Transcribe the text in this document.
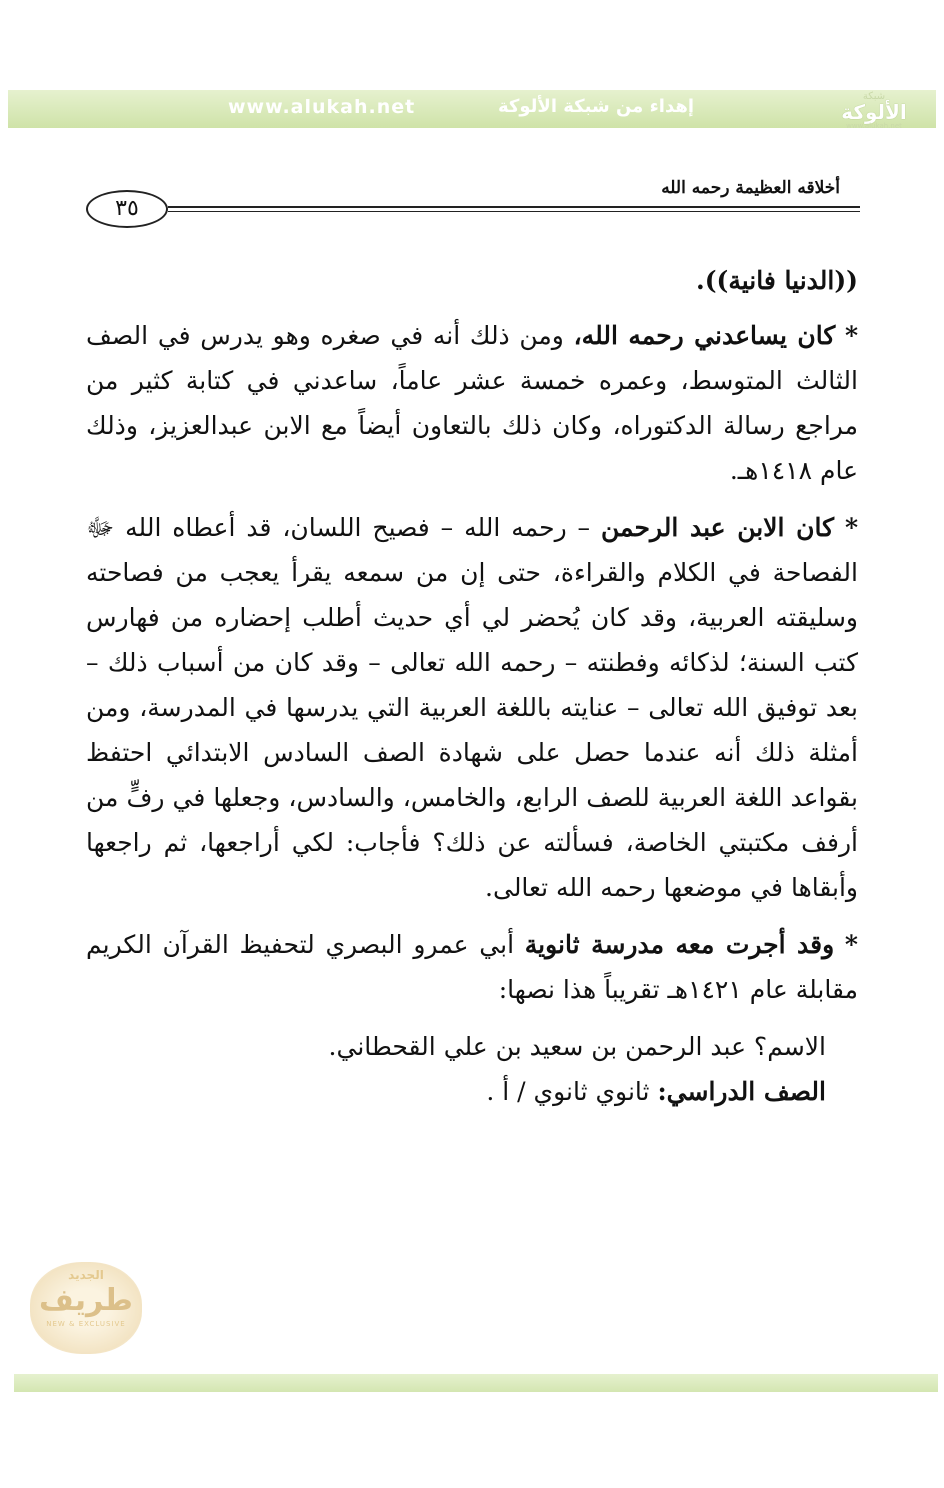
www.alukah.net	إهداء من شبكة الألوكة	شبكة
الألوكة
www.alukah.net
٣٥
أخلاقه العظيمة رحمه الله

((الدنيا فانية)).

* كان يساعدني رحمه الله، ومن ذلك أنه في صغره وهو يدرس في الصف الثالث المتوسط، وعمره خمسة عشر عاماً، ساعدني في كتابة كثير من مراجع رسالة الدكتوراه، وكان ذلك بالتعاون أيضاً مع الابن عبدالعزيز، وذلك عام ١٤١٨هـ.

* كان الابن عبد الرحمن – رحمه الله – فصيح اللسان، قد أعطاه الله ﷻ الفصاحة في الكلام والقراءة، حتى إن من سمعه يقرأ يعجب من فصاحته وسليقته العربية، وقد كان يُحضر لي أي حديث أطلب إحضاره من فهارس كتب السنة؛ لذكائه وفطنته – رحمه الله تعالى – وقد كان من أسباب ذلك – بعد توفيق الله تعالى – عنايته باللغة العربية التي يدرسها في المدرسة، ومن أمثلة ذلك أنه عندما حصل على شهادة الصف السادس الابتدائي احتفظ بقواعد اللغة العربية للصف الرابع، والخامس، والسادس، وجعلها في رفٍّ من أرفف مكتبتي الخاصة، فسألته عن ذلك؟ فأجاب: لكي أراجعها، ثم راجعها وأبقاها في موضعها رحمه الله تعالى.

* وقد أجرت معه مدرسة ثانوية أبي عمرو البصري لتحفيظ القرآن الكريم مقابلة عام ١٤٢١هـ تقريباً هذا نصها:

الاسم؟ عبد الرحمن بن سعيد بن علي القحطاني.

الصف الدراسي: ثانوي ثانوي / أ .

الجديد
طريف
NEW & EXCLUSIVE
